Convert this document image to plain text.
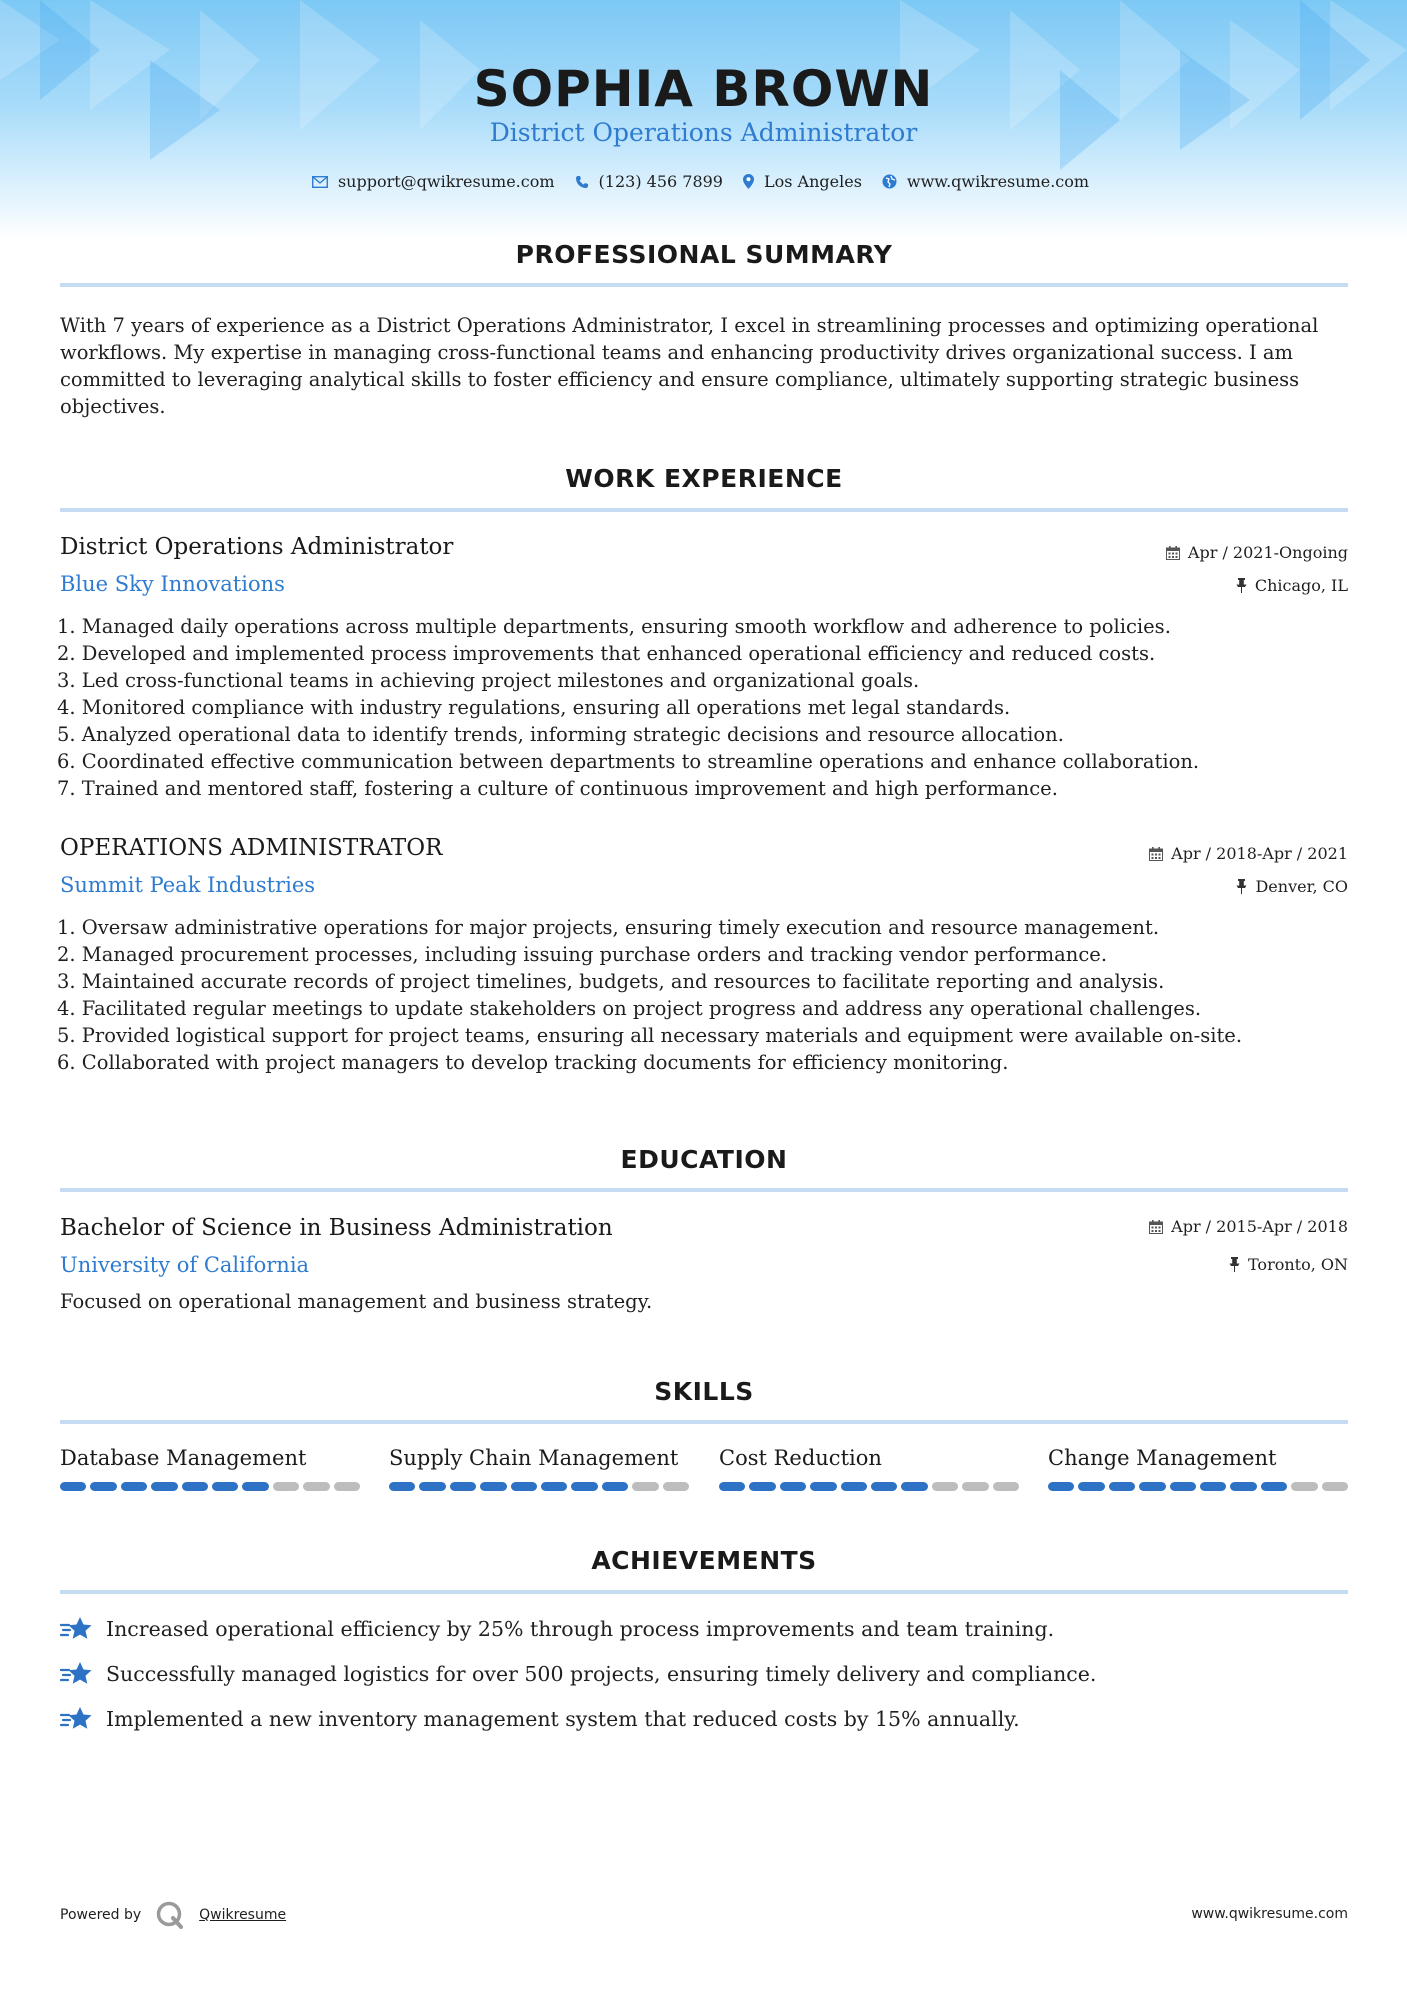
SOPHIA BROWN
District Operations Administrator
support@qwikresume.com	(123) 456 7899	Los Angeles	www.qwikresume.com
PROFESSIONAL SUMMARY
With 7 years of experience as a District Operations Administrator, I excel in streamlining processes and optimizing operational workflows. My expertise in managing cross-functional teams and enhancing productivity drives organizational success. I am committed to leveraging analytical skills to foster efficiency and ensure compliance, ultimately supporting strategic business objectives.
WORK EXPERIENCE
District Operations Administrator	Apr / 2021-Ongoing
Blue Sky Innovations	Chicago, IL
1. Managed daily operations across multiple departments, ensuring smooth workflow and adherence to policies.
2. Developed and implemented process improvements that enhanced operational efficiency and reduced costs.
3. Led cross-functional teams in achieving project milestones and organizational goals.
4. Monitored compliance with industry regulations, ensuring all operations met legal standards.
5. Analyzed operational data to identify trends, informing strategic decisions and resource allocation.
6. Coordinated effective communication between departments to streamline operations and enhance collaboration.
7. Trained and mentored staff, fostering a culture of continuous improvement and high performance.
OPERATIONS ADMINISTRATOR	Apr / 2018-Apr / 2021
Summit Peak Industries	Denver, CO
1. Oversaw administrative operations for major projects, ensuring timely execution and resource management.
2. Managed procurement processes, including issuing purchase orders and tracking vendor performance.
3. Maintained accurate records of project timelines, budgets, and resources to facilitate reporting and analysis.
4. Facilitated regular meetings to update stakeholders on project progress and address any operational challenges.
5. Provided logistical support for project teams, ensuring all necessary materials and equipment were available on-site.
6. Collaborated with project managers to develop tracking documents for efficiency monitoring.
EDUCATION
Bachelor of Science in Business Administration	Apr / 2015-Apr / 2018
University of California	Toronto, ON
Focused on operational management and business strategy.
SKILLS
Database Management	Supply Chain Management	Cost Reduction	Change Management
ACHIEVEMENTS
Increased operational efficiency by 25% through process improvements and team training.
Successfully managed logistics for over 500 projects, ensuring timely delivery and compliance.
Implemented a new inventory management system that reduced costs by 15% annually.
Powered by	Qwikresume	www.qwikresume.com
